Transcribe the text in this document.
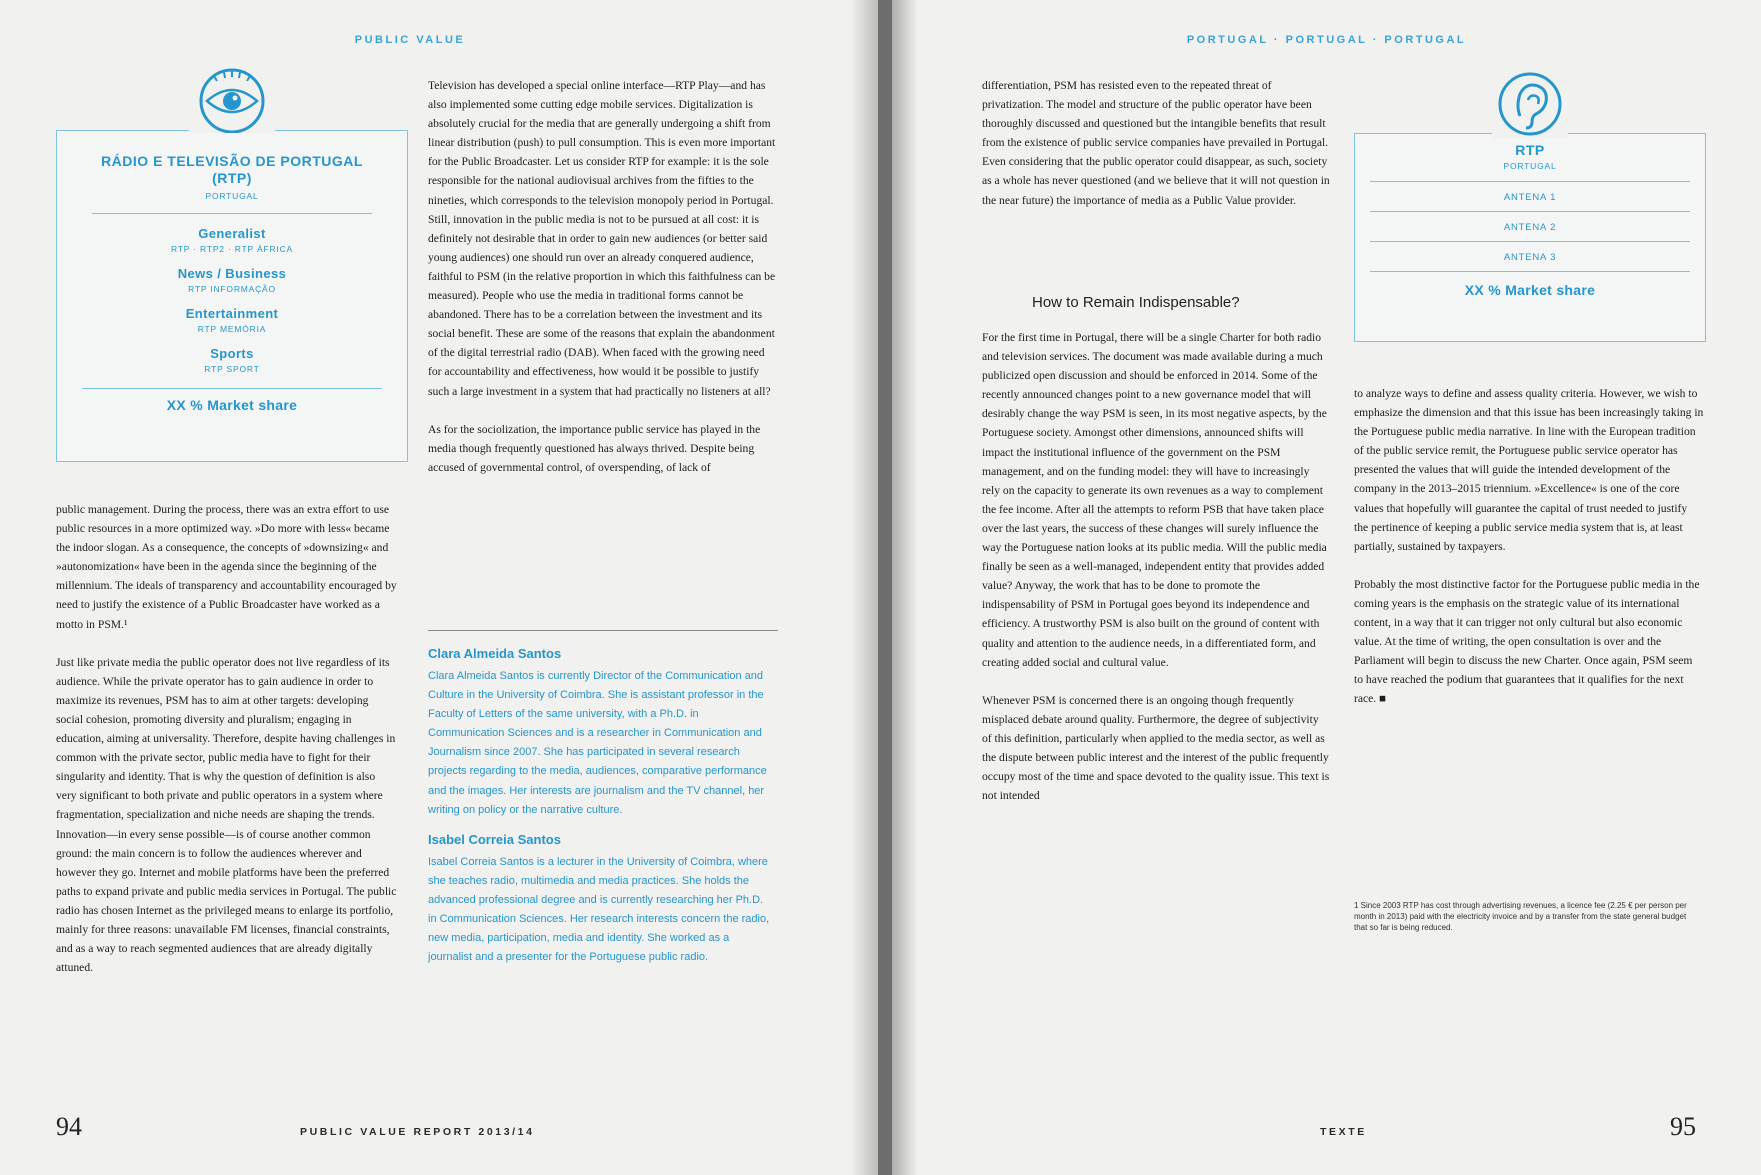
PUBLIC VALUE
RÁDIO E TELEVISÃO DE PORTUGAL (RTP)
PORTUGAL
Generalist
RTP · RTP2 · RTP ÁFRICA
News / Business
RTP INFORMAÇÃO
Entertainment
RTP MEMÓRIA
Sports
RTP SPORT
XX % Market share

public management. During the process, there was an extra effort to use public resources in a more optimized way. »Do more with less« became the indoor slogan. As a consequence, the concepts of »downsizing« and »autonomization« have been in the agenda since the beginning of the millennium. The ideals of transparency and accountability encouraged by need to justify the existence of a Public Broadcaster have worked as a motto in PSM.¹

Just like private media the public operator does not live regardless of its audience. While the private operator has to gain audience in order to maximize its revenues, PSM has to aim at other targets: developing social cohesion, promoting diversity and pluralism; engaging in education, aiming at universality. Therefore, despite having challenges in common with the private sector, public media have to fight for their singularity and identity. That is why the question of definition is also very significant to both private and public operators in a system where fragmentation, specialization and niche needs are shaping the trends. Innovation—in every sense possible—is of course another common ground: the main concern is to follow the audiences wherever and however they go. Internet and mobile platforms have been the preferred paths to expand private and public media services in Portugal. The public radio has chosen Internet as the privileged means to enlarge its portfolio, mainly for three reasons: unavailable FM licenses, financial constraints, and as a way to reach segmented audiences that are already digitally attuned.

Television has developed a special online interface—RTP Play—and has also implemented some cutting edge mobile services. Digitalization is absolutely crucial for the media that are generally undergoing a shift from linear distribution (push) to pull consumption. This is even more important for the Public Broadcaster. Let us consider RTP for example: it is the sole responsible for the national audiovisual archives from the fifties to the nineties, which corresponds to the television monopoly period in Portugal. Still, innovation in the public media is not to be pursued at all cost: it is definitely not desirable that in order to gain new audiences (or better said young audiences) one should run over an already conquered audience, faithful to PSM (in the relative proportion in which this faithfulness can be measured). People who use the media in traditional forms cannot be abandoned. There has to be a correlation between the investment and its social benefit. These are some of the reasons that explain the abandonment of the digital terrestrial radio (DAB). When faced with the growing need for accountability and effectiveness, how would it be possible to justify such a large investment in a system that had practically no listeners at all?

As for the sociolization, the importance public service has played in the media though frequently questioned has always thrived. Despite being accused of governmental control, of overspending, of lack of

Clara Almeida Santos
Clara Almeida Santos is currently Director of the Communication and Culture in the University of Coimbra. She is assistant professor in the Faculty of Letters of the same university, with a Ph.D. in Communication Sciences and is a researcher in Communication and Journalism since 2007. She has participated in several research projects regarding to the media, audiences, comparative performance and the images. Her interests are journalism and the TV channel, her writing on policy or the narrative culture.
Isabel Correia Santos
Isabel Correia Santos is a lecturer in the University of Coimbra, where she teaches radio, multimedia and media practices. She holds the advanced professional degree and is currently researching her Ph.D. in Communication Sciences. Her research interests concern the radio, new media, participation, media and identity. She worked as a journalist and a presenter for the Portuguese public radio.
94	PUBLIC VALUE REPORT 2013/14
PORTUGAL · PORTUGAL · PORTUGAL

differentiation, PSM has resisted even to the repeated threat of privatization. The model and structure of the public operator have been thoroughly discussed and questioned but the intangible benefits that result from the existence of public service companies have prevailed in Portugal. Even considering that the public operator could disappear, as such, society as a whole has never questioned (and we believe that it will not question in the near future) the importance of media as a Public Value provider.

How to Remain Indispensable?

For the first time in Portugal, there will be a single Charter for both radio and television services. The document was made available during a much publicized open discussion and should be enforced in 2014. Some of the recently announced changes point to a new governance model that will desirably change the way PSM is seen, in its most negative aspects, by the Portuguese society. Amongst other dimensions, announced shifts will impact the institutional influence of the government on the PSM management, and on the funding model: they will have to increasingly rely on the capacity to generate its own revenues as a way to complement the fee income. After all the attempts to reform PSB that have taken place over the last years, the success of these changes will surely influence the way the Portuguese nation looks at its public media. Will the public media finally be seen as a well-managed, independent entity that provides added value? Anyway, the work that has to be done to promote the indispensability of PSM in Portugal goes beyond its independence and efficiency. A trustworthy PSM is also built on the ground of content with quality and attention to the audience needs, in a differentiated form, and creating added social and cultural value.

Whenever PSM is concerned there is an ongoing though frequently misplaced debate around quality. Furthermore, the degree of subjectivity of this definition, particularly when applied to the media sector, as well as the dispute between public interest and the interest of the public frequently occupy most of the time and space devoted to the quality issue. This text is not intended

RTP
PORTUGAL
ANTENA 1
ANTENA 2
ANTENA 3
XX % Market share

to analyze ways to define and assess quality criteria. However, we wish to emphasize the dimension and that this issue has been increasingly taking in the Portuguese public media narrative. In line with the European tradition of the public service remit, the Portuguese public service operator has presented the values that will guide the intended development of the company in the 2013–2015 triennium. »Excellence« is one of the core values that hopefully will guarantee the capital of trust needed to justify the pertinence of keeping a public service media system that is, at least partially, sustained by taxpayers.

Probably the most distinctive factor for the Portuguese public media in the coming years is the emphasis on the strategic value of its international content, in a way that it can trigger not only cultural but also economic value. At the time of writing, the open consultation is over and the Parliament will begin to discuss the new Charter. Once again, PSM seem to have reached the podium that guarantees that it qualifies for the next race. ■

1 Since 2003 RTP has cost through advertising revenues, a licence fee (2.25 € per person per month in 2013) paid with the electricity invoice and by a transfer from the state general budget that so far is being reduced.
TEXTE	95
